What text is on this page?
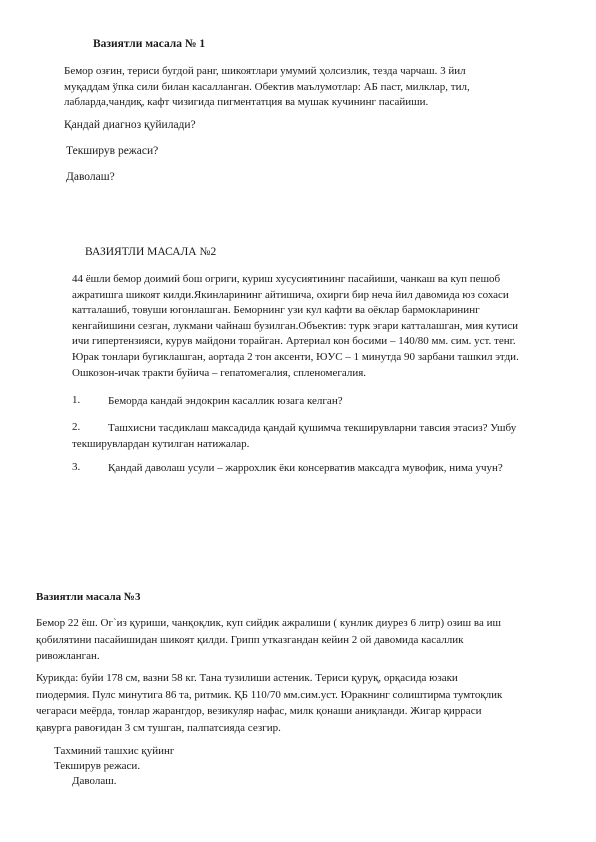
Вазиятли масала № 1
Бемор озғин, териси бугдой ранг, шикоятлари умумий ҳолсизлик, тезда чарчаш. 3 йил
муқаддам ўпка сили билан касалланган. Обектив маълумотлар: АБ паст, милклар, тил,
лабларда,чандиқ, кафт чизигида пигментатция ва мушак кучининг пасайиши.
Қандай диагноз қуйилади?
Текширув режаси?
Даволаш?
ВАЗИЯТЛИ МАСАЛА №2
44 ёшли бемор доимий бош огриги, куриш хусусиятининг пасайиши, чанкаш ва куп пешоб
ажратишга шикоят килди.Якинларининг айтишича, охирги бир неча йил давомида юз сохаси
катталашиб, товуши югонлашган. Беморнинг узи кул кафти ва оёклар бармокларининг
кенгайишини сезган, лукмани чайнаш бузилган.Объектив: турк эгари катталашган, мия кутиси
ичи гипертензияси, курув майдони торайган. Артериал кон босими – 140/80 мм. сим. уст. тенг.
Юрак тонлари бугиклашган, аортада 2 тон аксенти, ЮУС – 1 минутда 90 зарбани ташкил этди.
Ошкозон-ичак тракти буйича – гепатомегалия, спленомегалия.
1.	Беморда кандай эндокрин касаллик юзага келган?
2.	Ташхисни тасдиклаш максадида қандай қушимча текширувларни тавсия этасиз? Ушбу
текширувлардан кутилган натижалар.
3.	Қандай даволаш усули – жаррохлик ёки консерватив максадга мувофик, нима учун?
Вазиятли масала №3
Бемор 22 ёш. Ог`из қуриши, чанқоқлик, куп сийдик ажралиши ( кунлик диурез 6 литр) озиш ва иш
қобилятини пасайишидан шикоят қилди. Грипп утказгандан кейин 2 ой давомида касаллик
ривожланган.
Курикда: буйи 178 см, вазни 58 кг. Тана тузилиши астеник. Териси қуруқ, орқасида юзаки
пиодермия. Пулс минутига 86 та, ритмик. ҚБ 110/70 мм.сим.уст. Юракнинг солиштирма тумтоқлик
чегараси меёрда, тонлар жарангдор, везикуляр нафас, милк қонаши аниқланди. Жигар қирраси
қавурга равоғидан 3 см тушган, палпатсияда сезгир.
Тахминий ташхис қуйинг
Текширув режаси.
Даволаш.
